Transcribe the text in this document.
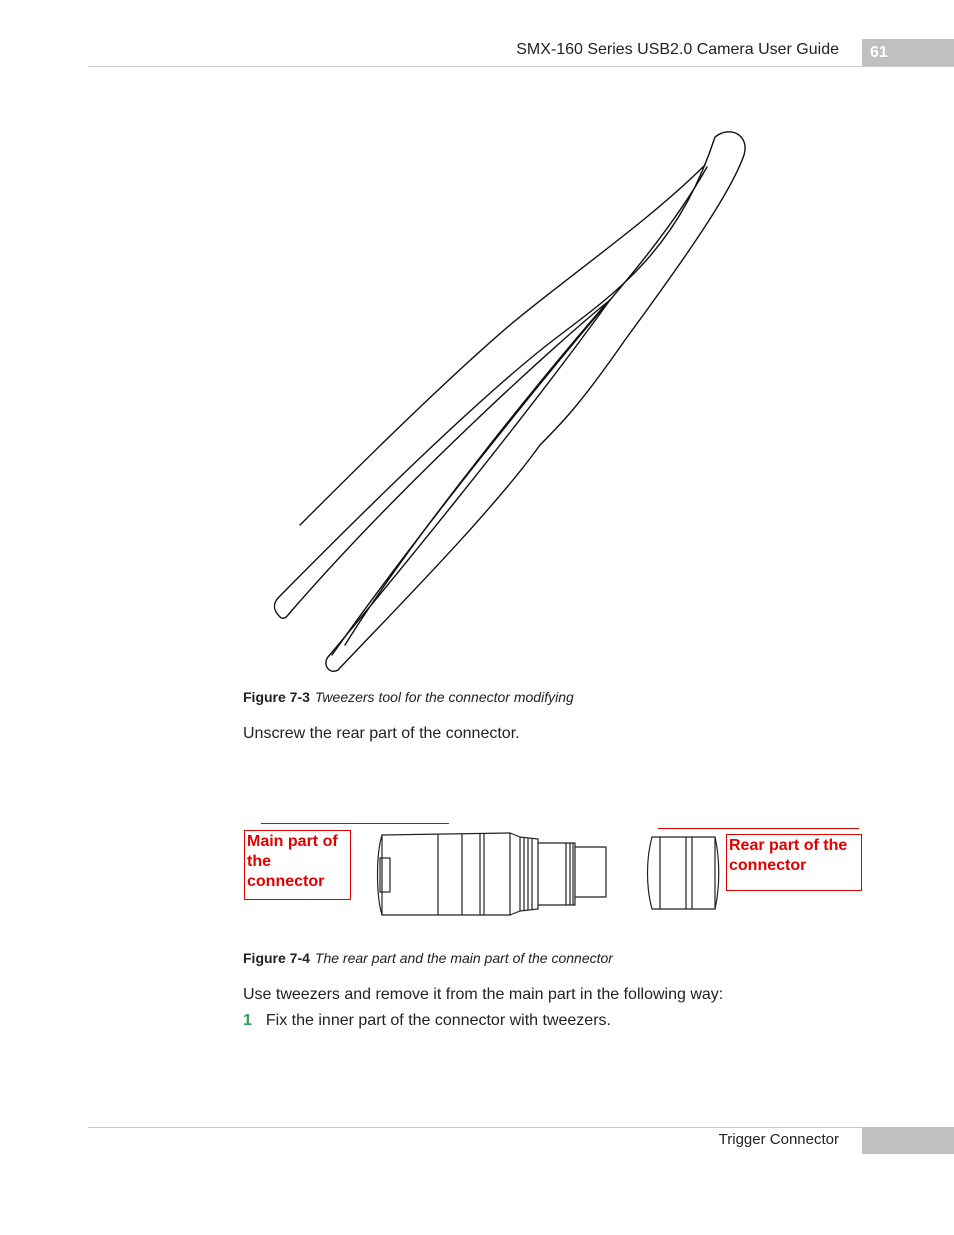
SMX-160 Series USB2.0 Camera User Guide	61
Figure 7-3 Tweezers tool for the connector modifying
Unscrew the rear part of the connector.
Main part of the connector
Rear part of the connector
Figure 7-4 The rear part and the main part of the connector
Use tweezers and remove it from the main part in the following way:
1 Fix the inner part of the connector with tweezers.
Trigger Connector
